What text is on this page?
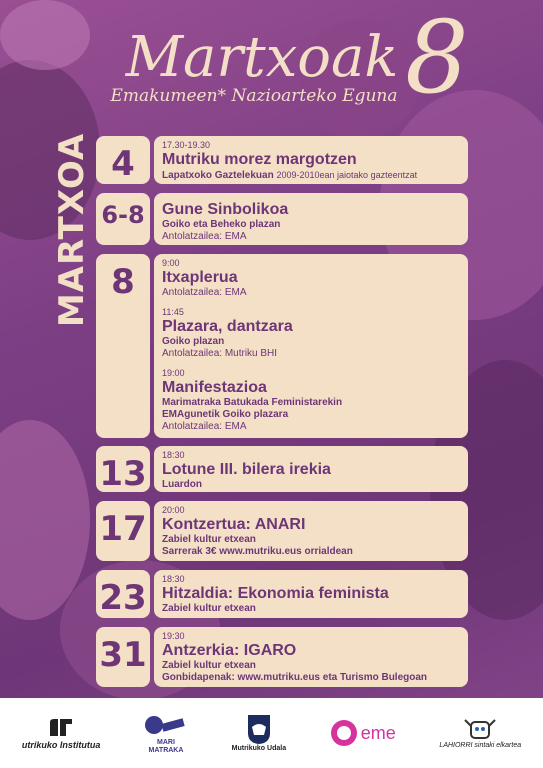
Martxoak 8
Emakumeen* Nazioarteko Eguna
MARTXOA 4	17.30-19.30
Mutriku morez margotzen
Lapatxoko Gaztelekuan 2009-2010ean jaiotako gazteentzat
6-8 Gune Sinbolikoa
Goiko eta Beheko plazan
Antolatzailea: EMA
8	9:00
Itxaplerua
Antolatzailea: EMA
11:45
Plazara, dantzara
Goiko plazan
Antolatzailea: Mutriku BHI
19:00
Manifestazioa
Marimatraka Batukada Feministarekin
EMAgunetik Goiko plazara
Antolatzailea: EMA
13 18:30
Lotune III. bilera irekia
Luardon
17 20:00
Kontzertua: ANARI
Zabiel kultur etxean
Sarrerak 3€ www.mutriku.eus orrialdean
23 18:30
Hitzaldia: Ekonomia feminista
Zabiel kultur etxean
31 19:30
Antzerkia: IGARO
Zabiel kultur etxean
Gonbidapenak: www.mutriku.eus eta Turismo Bulegoan
utrikuko Institutua	MARI
MATRAKA	Mutrikuko Udala
eme
LAHIORRI sintaki elkartea
